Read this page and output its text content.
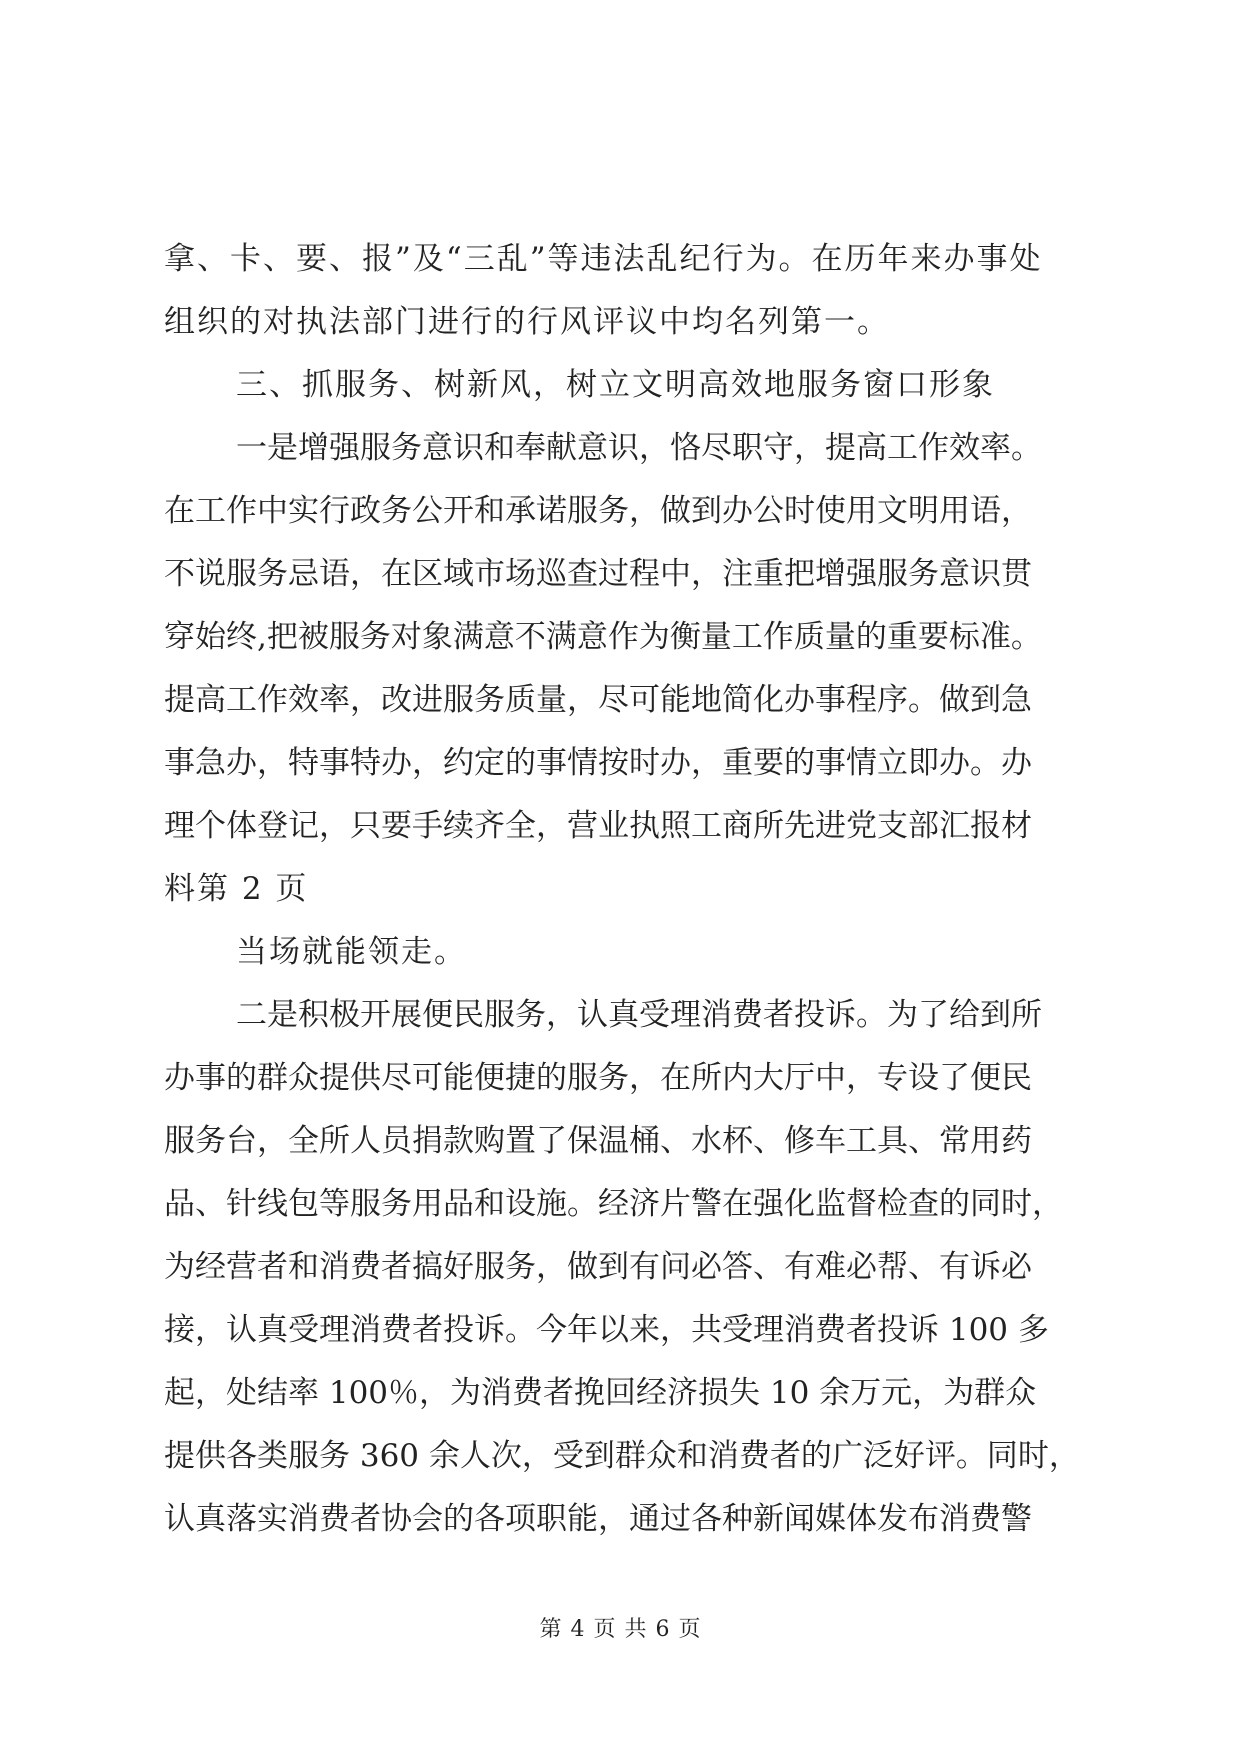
拿、卡、要、报”及“三乱”等违法乱纪行为。在历年来办事处
组织的对执法部门进行的行风评议中均名列第一。
三、抓服务、树新风，树立文明高效地服务窗口形象
一是增强服务意识和奉献意识，恪尽职守，提高工作效率。
在工作中实行政务公开和承诺服务，做到办公时使用文明用语，
不说服务忌语，在区域市场巡查过程中，注重把增强服务意识贯
穿始终,把被服务对象满意不满意作为衡量工作质量的重要标准。
提高工作效率，改进服务质量，尽可能地简化办事程序。做到急
事急办，特事特办，约定的事情按时办，重要的事情立即办。办
理个体登记，只要手续齐全，营业执照工商所先进党支部汇报材
料第 2 页
当场就能领走。
二是积极开展便民服务，认真受理消费者投诉。为了给到所
办事的群众提供尽可能便捷的服务，在所内大厅中，专设了便民
服务台，全所人员捐款购置了保温桶、水杯、修车工具、常用药
品、针线包等服务用品和设施。经济片警在强化监督检查的同时，
为经营者和消费者搞好服务，做到有问必答、有难必帮、有诉必
接，认真受理消费者投诉。今年以来，共受理消费者投诉 100 多
起，处结率 100％，为消费者挽回经济损失 10 余万元，为群众
提供各类服务 360 余人次，受到群众和消费者的广泛好评。同时，
认真落实消费者协会的各项职能，通过各种新闻媒体发布消费警
第 4 页 共 6 页
